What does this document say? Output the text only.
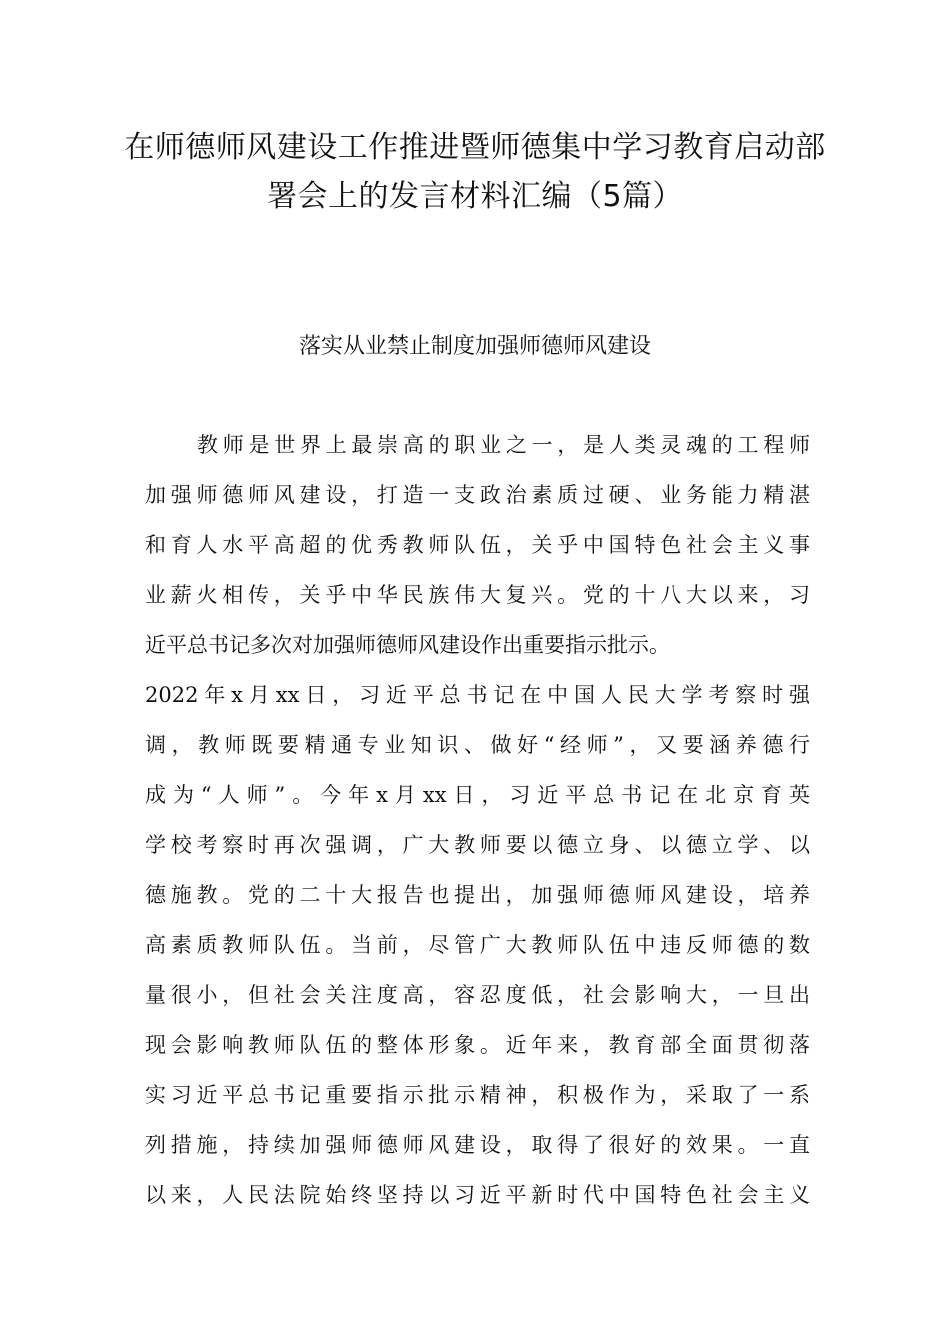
在师德师风建设工作推进暨师德集中学习教育启动部
署会上的发言材料汇编（5篇）
落实从业禁止制度加强师德师风建设
教师是世界上最崇高的职业之一，是人类灵魂的工程师
加强师德师风建设，打造一支政治素质过硬、业务能力精湛
和育人水平高超的优秀教师队伍，关乎中国特色社会主义事
业薪火相传，关乎中华民族伟大复兴。党的十八大以来，习
近平总书记多次对加强师德师风建设作出重要指示批示。
2022年x月xx日，习近平总书记在中国人民大学考察时强
调，教师既要精通专业知识、做好“经师”，又要涵养德行
成为“人师”。今年x月xx日，习近平总书记在北京育英
学校考察时再次强调，广大教师要以德立身、以德立学、以
德施教。党的二十大报告也提出，加强师德师风建设，培养
高素质教师队伍。当前，尽管广大教师队伍中违反师德的数
量很小，但社会关注度高，容忍度低，社会影响大，一旦出
现会影响教师队伍的整体形象。近年来，教育部全面贯彻落
实习近平总书记重要指示批示精神，积极作为，采取了一系
列措施，持续加强师德师风建设，取得了很好的效果。一直
以来，人民法院始终坚持以习近平新时代中国特色社会主义
